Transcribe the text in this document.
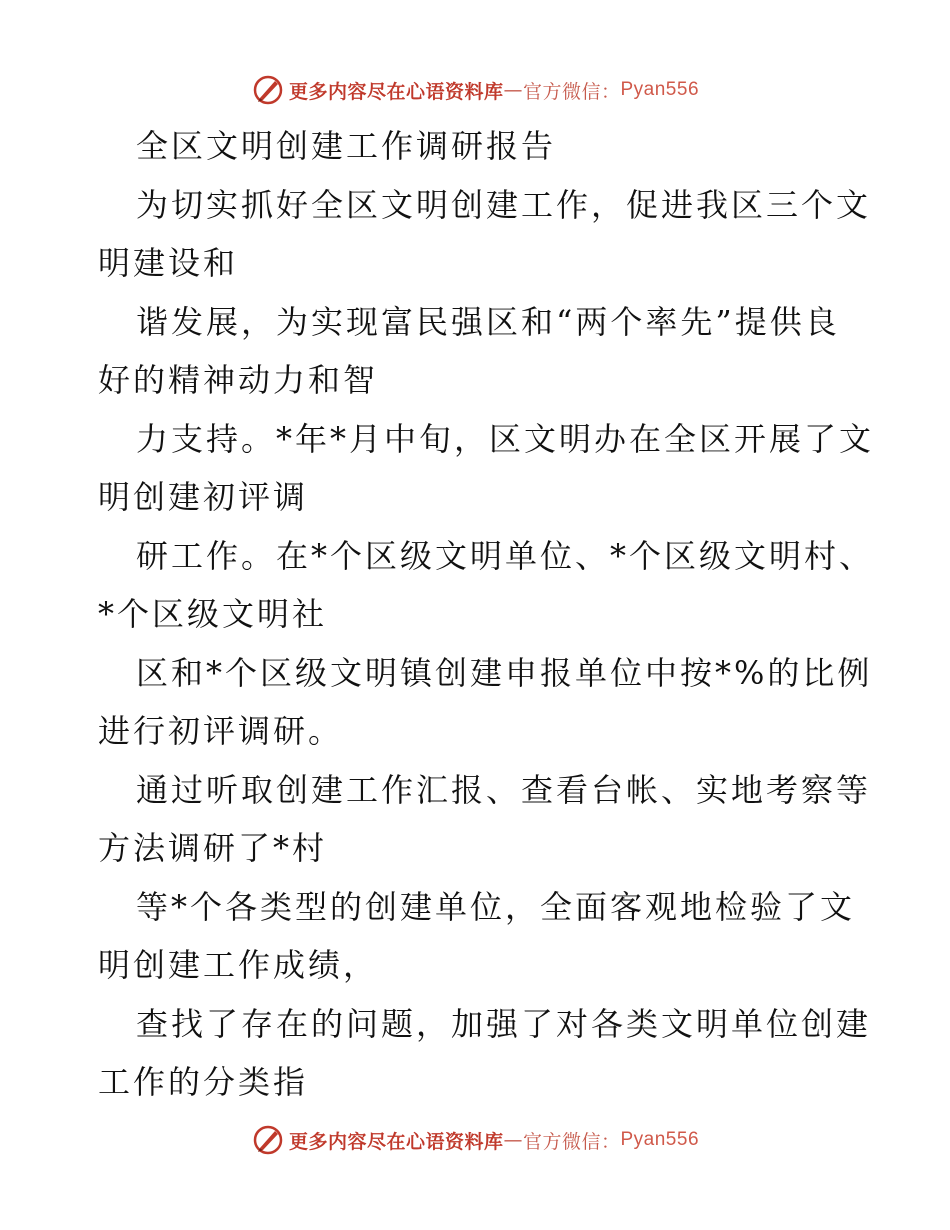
更多内容尽在心语资料库 — 官方微信： Pyan556
全区文明创建工作调研报告
为切实抓好全区文明创建工作，促进我区三个文
明建设和
谐发展，为实现富民强区和“两个率先”提供良
好的精神动力和智
力支持。*年*月中旬，区文明办在全区开展了文
明创建初评调
研工作。在*个区级文明单位、*个区级文明村、
*个区级文明社
区和*个区级文明镇创建申报单位中按*%的比例
进行初评调研。
通过听取创建工作汇报、查看台帐、实地考察等
方法调研了*村
等*个各类型的创建单位，全面客观地检验了文
明创建工作成绩，
查找了存在的问题，加强了对各类文明单位创建
工作的分类指
更多内容尽在心语资料库 — 官方微信： Pyan556
